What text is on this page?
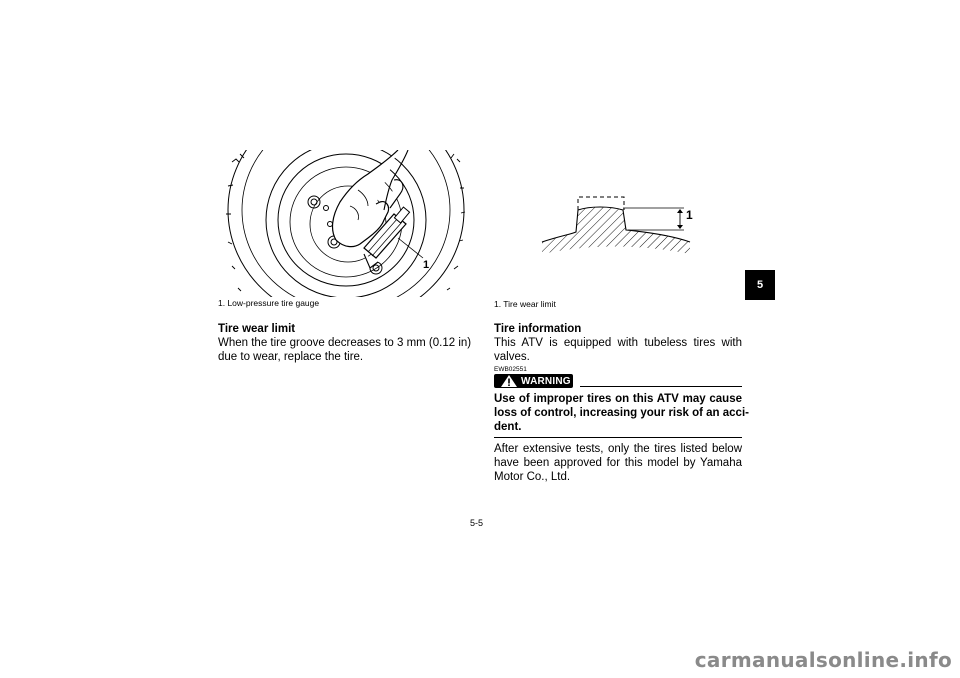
1
1. Low-pressure tire gauge
Tire wear limit
When the tire groove decreases to 3 mm (0.12 in)
due to wear, replace the tire.
1
1. Tire wear limit
Tire information
This ATV is equipped with tubeless tires with
valves.
EWB02551
WARNING
Use of improper tires on this ATV may cause
loss of control, increasing your risk of an acci-
dent.
After extensive tests, only the tires listed below
have been approved for this model by Yamaha
Motor Co., Ltd.
5
5-5
carmanualsonline.info
